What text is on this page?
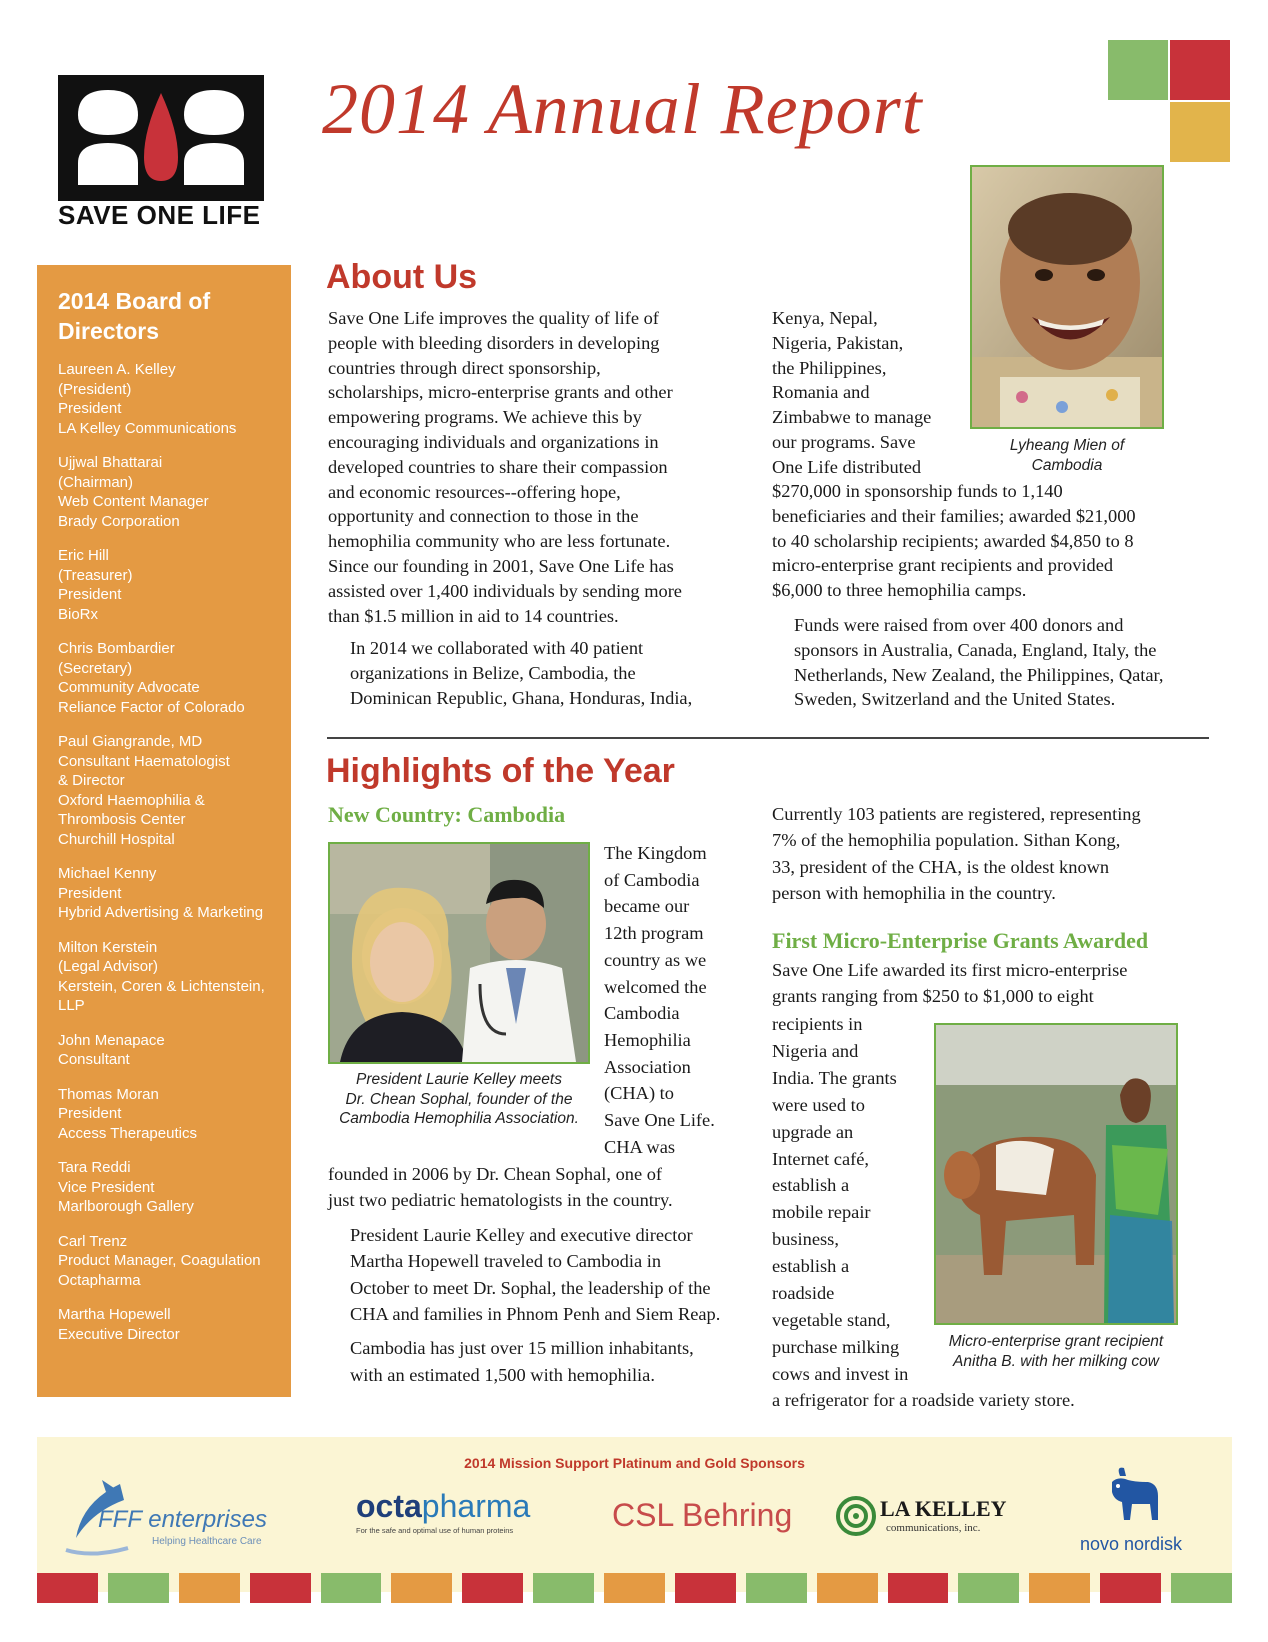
SAVE ONE LIFE
2014 Annual Report
2014 Board of Directors
Laureen A. Kelley
(President)
President
LA Kelley Communications
Ujjwal Bhattarai
(Chairman)
Web Content Manager
Brady Corporation
Eric Hill
(Treasurer)
President
BioRx
Chris Bombardier
(Secretary)
Community Advocate
Reliance Factor of Colorado
Paul Giangrande, MD
Consultant Haematologist
& Director
Oxford Haemophilia &
Thrombosis Center
Churchill Hospital
Michael Kenny
President
Hybrid Advertising & Marketing
Milton Kerstein
(Legal Advisor)
Kerstein, Coren & Lichtenstein,
LLP
John Menapace
Consultant
Thomas Moran
President
Access Therapeutics
Tara Reddi
Vice President
Marlborough Gallery
Carl Trenz
Product Manager, Coagulation
Octapharma
Martha Hopewell
Executive Director
About Us

Save One Life improves the quality of life of
people with bleeding disorders in developing
countries through direct sponsorship,
scholarships, micro-enterprise grants and other
empowering programs. We achieve this by
encouraging individuals and organizations in
developed countries to share their compassion
and economic resources--offering hope,
opportunity and connection to those in the
hemophilia community who are less fortunate.
Since our founding in 2001, Save One Life has
assisted over 1,400 individuals by sending more
than $1.5 million in aid to 14 countries.

In 2014 we collaborated with 40 patient
organizations in Belize, Cambodia, the
Dominican Republic, Ghana, Honduras, India,

Kenya, Nepal,
Nigeria, Pakistan,
the Philippines,
Romania and
Zimbabwe to manage
our programs. Save
One Life distributed

$270,000 in sponsorship funds to 1,140
beneficiaries and their families; awarded $21,000
to 40 scholarship recipients; awarded $4,850 to 8
micro-enterprise grant recipients and provided
$6,000 to three hemophilia camps.

Funds were raised from over 400 donors and
sponsors in Australia, Canada, England, Italy, the
Netherlands, New Zealand, the Philippines, Qatar,
Sweden, Switzerland and the United States.

Lyheang Mien of
Cambodia
Highlights of the Year
New Country: Cambodia
President Laurie Kelley meets
Dr. Chean Sophal, founder of the
Cambodia Hemophilia Association.
The Kingdom
of Cambodia
became our
12th program
country as we
welcomed the
Cambodia
Hemophilia
Association
(CHA) to
Save One Life.
CHA was

founded in 2006 by Dr. Chean Sophal, one of
just two pediatric hematologists in the country.

President Laurie Kelley and executive director
Martha Hopewell traveled to Cambodia in
October to meet Dr. Sophal, the leadership of the
CHA and families in Phnom Penh and Siem Reap.

Cambodia has just over 15 million inhabitants,
with an estimated 1,500 with hemophilia.

Currently 103 patients are registered, representing
7% of the hemophilia population. Sithan Kong,
33, president of the CHA, is the oldest known
person with hemophilia in the country.
First Micro-Enterprise Grants Awarded
Save One Life awarded its first micro-enterprise
grants ranging from $250 to $1,000 to eight
recipients in
Nigeria and
India. The grants
were used to
upgrade an
Internet café,
establish a
mobile repair
business,
establish a
roadside
vegetable stand,
purchase milking
cows and invest in
a refrigerator for a roadside variety store.
Micro-enterprise grant recipient
Anitha B. with her milking cow
2014 Mission Support Platinum and Gold Sponsors
FFF enterprises
Helping Healthcare Care
octapharma
For the safe and optimal use of human proteins	CSL Behring	LA KELLEY
communications, inc.
novo nordisk
